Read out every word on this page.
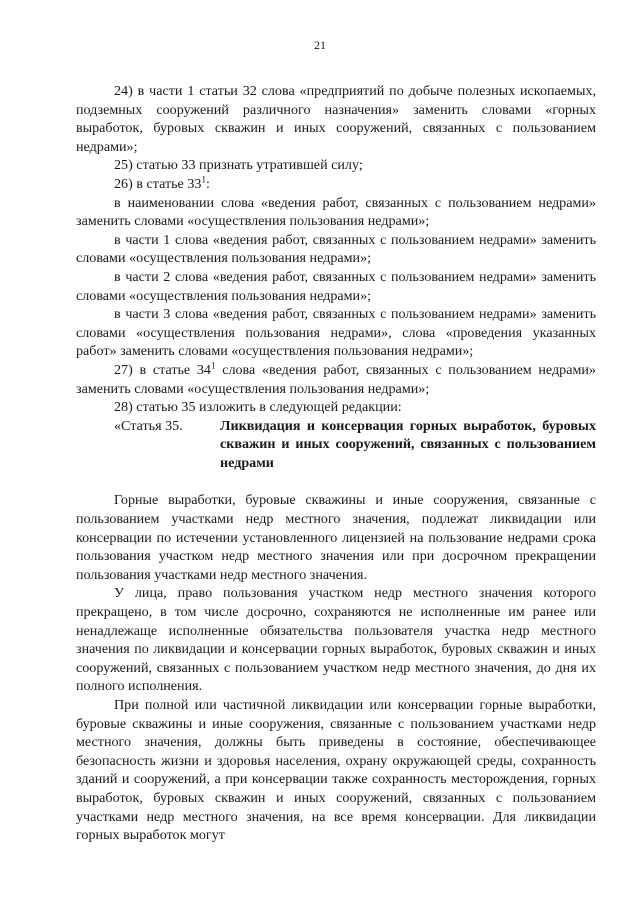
21

24) в части 1 статьи 32 слова «предприятий по добыче полезных ископаемых, подземных сооружений различного назначения» заменить словами «горных выработок, буровых скважин и иных сооружений, связанных с пользованием недрами»;

25) статью 33 признать утратившей силу;

26) в статье $33^1$:

в наименовании слова «ведения работ, связанных с пользованием недрами» заменить словами «осуществления пользования недрами»;

в части 1 слова «ведения работ, связанных с пользованием недрами» заменить словами «осуществления пользования недрами»;

в части 2 слова «ведения работ, связанных с пользованием недрами» заменить словами «осуществления пользования недрами»;

в части 3 слова «ведения работ, связанных с пользованием недрами» заменить словами «осуществления пользования недрами», слова «проведения указанных работ» заменить словами «осуществления пользования недрами»;

27) в статье $34^1$ слова «ведения работ, связанных с пользованием недрами» заменить словами «осуществления пользования недрами»;

28) статью 35 изложить в следующей редакции:

«Статья 35.	Ликвидация и консервация горных выработок, буровых скважин и иных сооружений, связанных с пользованием недрами

Горные выработки, буровые скважины и иные сооружения, связанные с пользованием участками недр местного значения, подлежат ликвидации или консервации по истечении установленного лицензией на пользование недрами срока пользования участком недр местного значения или при досрочном прекращении пользования участками недр местного значения.

У лица, право пользования участком недр местного значения которого прекращено, в том числе досрочно, сохраняются не исполненные им ранее или ненадлежаще исполненные обязательства пользователя участка недр местного значения по ликвидации и консервации горных выработок, буровых скважин и иных сооружений, связанных с пользованием участком недр местного значения, до дня их полного исполнения.

При полной или частичной ликвидации или консервации горные выработки, буровые скважины и иные сооружения, связанные с пользованием участками недр местного значения, должны быть приведены в состояние, обеспечивающее безопасность жизни и здоровья населения, охрану окружающей среды, сохранность зданий и сооружений, а при консервации также сохранность месторождения, горных выработок, буровых скважин и иных сооружений, связанных с пользованием участками недр местного значения, на все время консервации. Для ликвидации горных выработок могут
